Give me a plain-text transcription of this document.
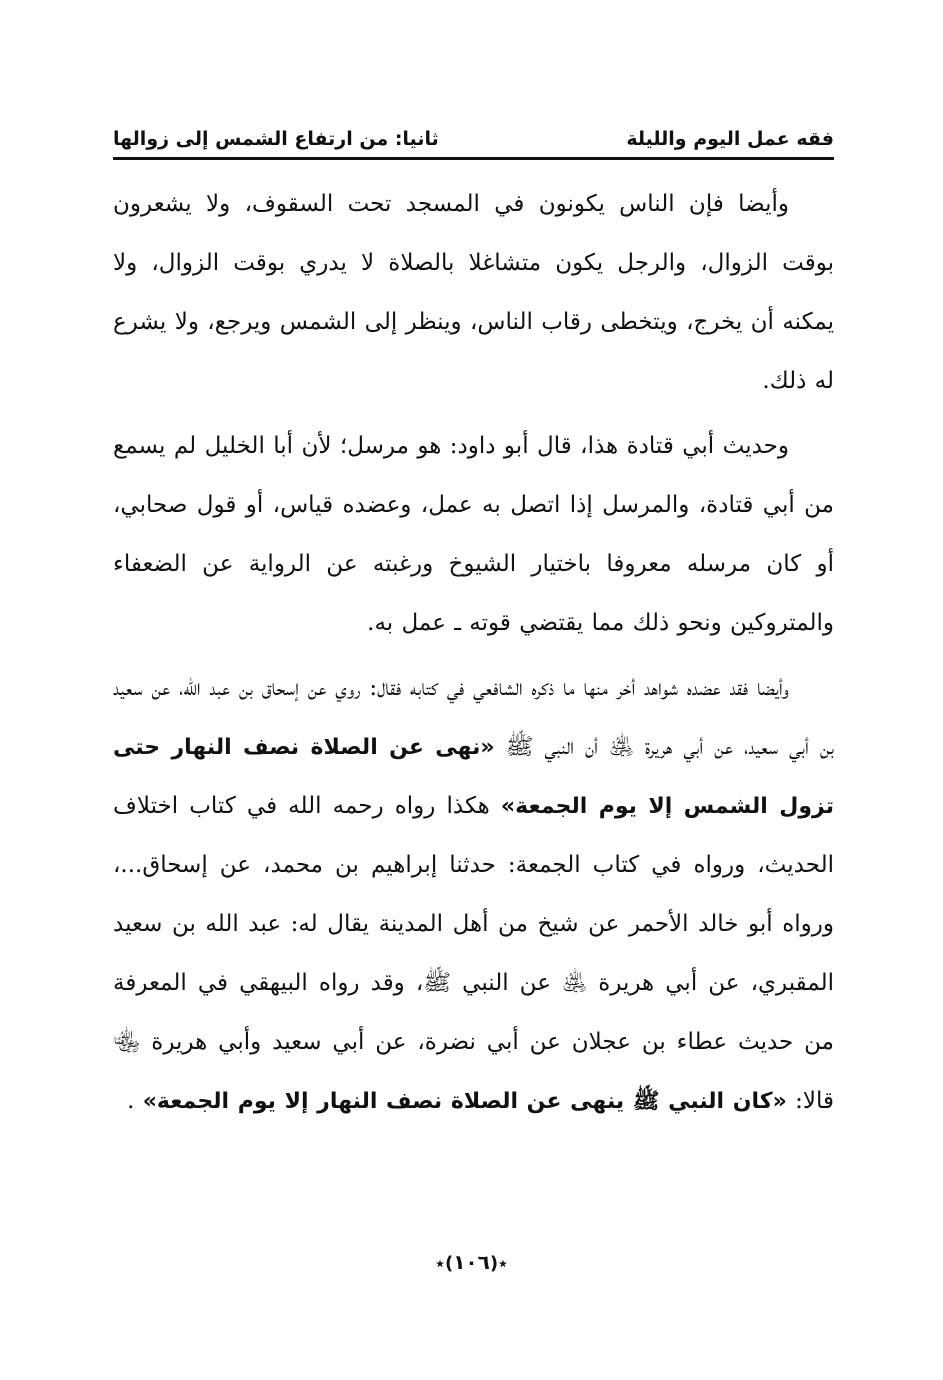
فقه عمل اليوم والليلة
ثانيا: من ارتفاع الشمس إلى زوالها

وأيضا فإن الناس يكونون في المسجد تحت السقوف، ولا يشعرون بوقت الزوال، والرجل يكون متشاغلا بالصلاة لا يدري بوقت الزوال، ولا يمكنه أن يخرج، ويتخطى رقاب الناس، وينظر إلى الشمس ويرجع، ولا يشرع له ذلك.

وحديث أبي قتادة هذا، قال أبو داود: هو مرسل؛ لأن أبا الخليل لم يسمع من أبي قتادة، والمرسل إذا اتصل به عمل، وعضده قياس، أو قول صحابي، أو كان مرسله معروفا باختيار الشيوخ ورغبته عن الرواية عن الضعفاء والمتروكين ونحو ذلك مما يقتضي قوته ـ عمل به.

وأيضا فقد عضده شواهد أخر منها ما ذكره الشافعي في كتابه فقال: روي عن إسحاق بن عبد الله، عن سعيد بن أبي سعيد، عن أبي هريرة ﵁ أن النبي ﷺ «نهى عن الصلاة نصف النهار حتى تزول الشمس إلا يوم الجمعة» هكذا رواه رحمه الله في كتاب اختلاف الحديث، ورواه في كتاب الجمعة: حدثنا إبراهيم بن محمد، عن إسحاق...، ورواه أبو خالد الأحمر عن شيخ من أهل المدينة يقال له: عبد الله بن سعيد المقبري، عن أبي هريرة ﵁ عن النبي ﷺ، وقد رواه البيهقي في المعرفة من حديث عطاء بن عجلان عن أبي نضرة، عن أبي سعيد وأبي هريرة ﵄ قالا: «كان النبي ﷺ ينهى عن الصلاة نصف النهار إلا يوم الجمعة» .

٭(١٠٦)٭
